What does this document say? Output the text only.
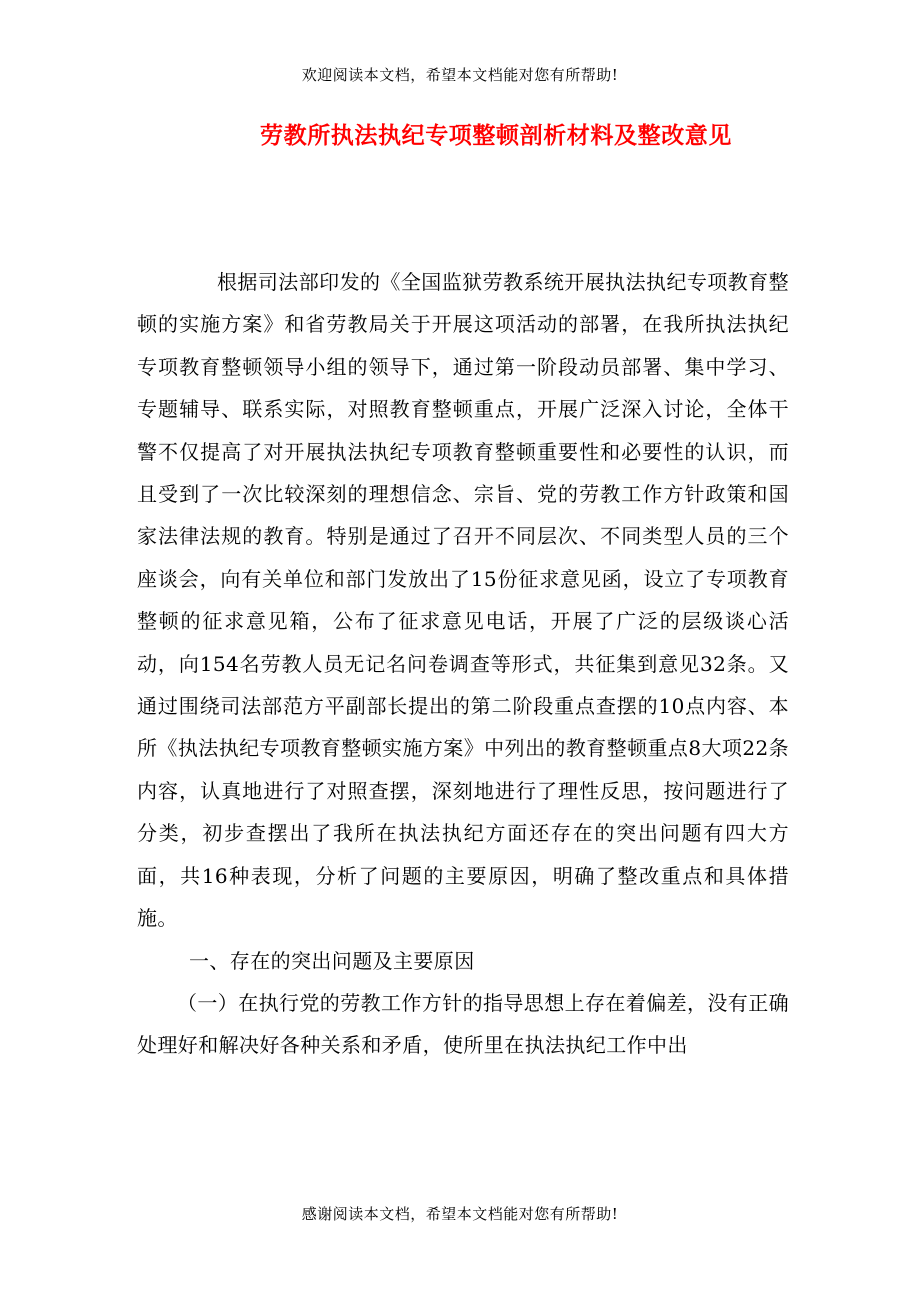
欢迎阅读本文档，希望本文档能对您有所帮助!
劳教所执法执纪专项整顿剖析材料及整改意见

根据司法部印发的《全国监狱劳教系统开展执法执纪专项教育整顿的实施方案》和省劳教局关于开展这项活动的部署，在我所执法执纪专项教育整顿领导小组的领导下，通过第一阶段动员部署、集中学习、专题辅导、联系实际，对照教育整顿重点，开展广泛深入讨论，全体干警不仅提高了对开展执法执纪专项教育整顿重要性和必要性的认识，而且受到了一次比较深刻的理想信念、宗旨、党的劳教工作方针政策和国家法律法规的教育。特别是通过了召开不同层次、不同类型人员的三个座谈会，向有关单位和部门发放出了15份征求意见函，设立了专项教育整顿的征求意见箱，公布了征求意见电话，开展了广泛的层级谈心活动，向154名劳教人员无记名问卷调查等形式，共征集到意见32条。又通过围绕司法部范方平副部长提出的第二阶段重点查摆的10点内容、本所《执法执纪专项教育整顿实施方案》中列出的教育整顿重点8大项22条内容，认真地进行了对照查摆，深刻地进行了理性反思，按问题进行了分类，初步查摆出了我所在执法执纪方面还存在的突出问题有四大方面，共16种表现，分析了问题的主要原因，明确了整改重点和具体措施。

一、存在的突出问题及主要原因

（一）在执行党的劳教工作方针的指导思想上存在着偏差，没有正确处理好和解决好各种关系和矛盾，使所里在执法执纪工作中出

感谢阅读本文档，希望本文档能对您有所帮助!
